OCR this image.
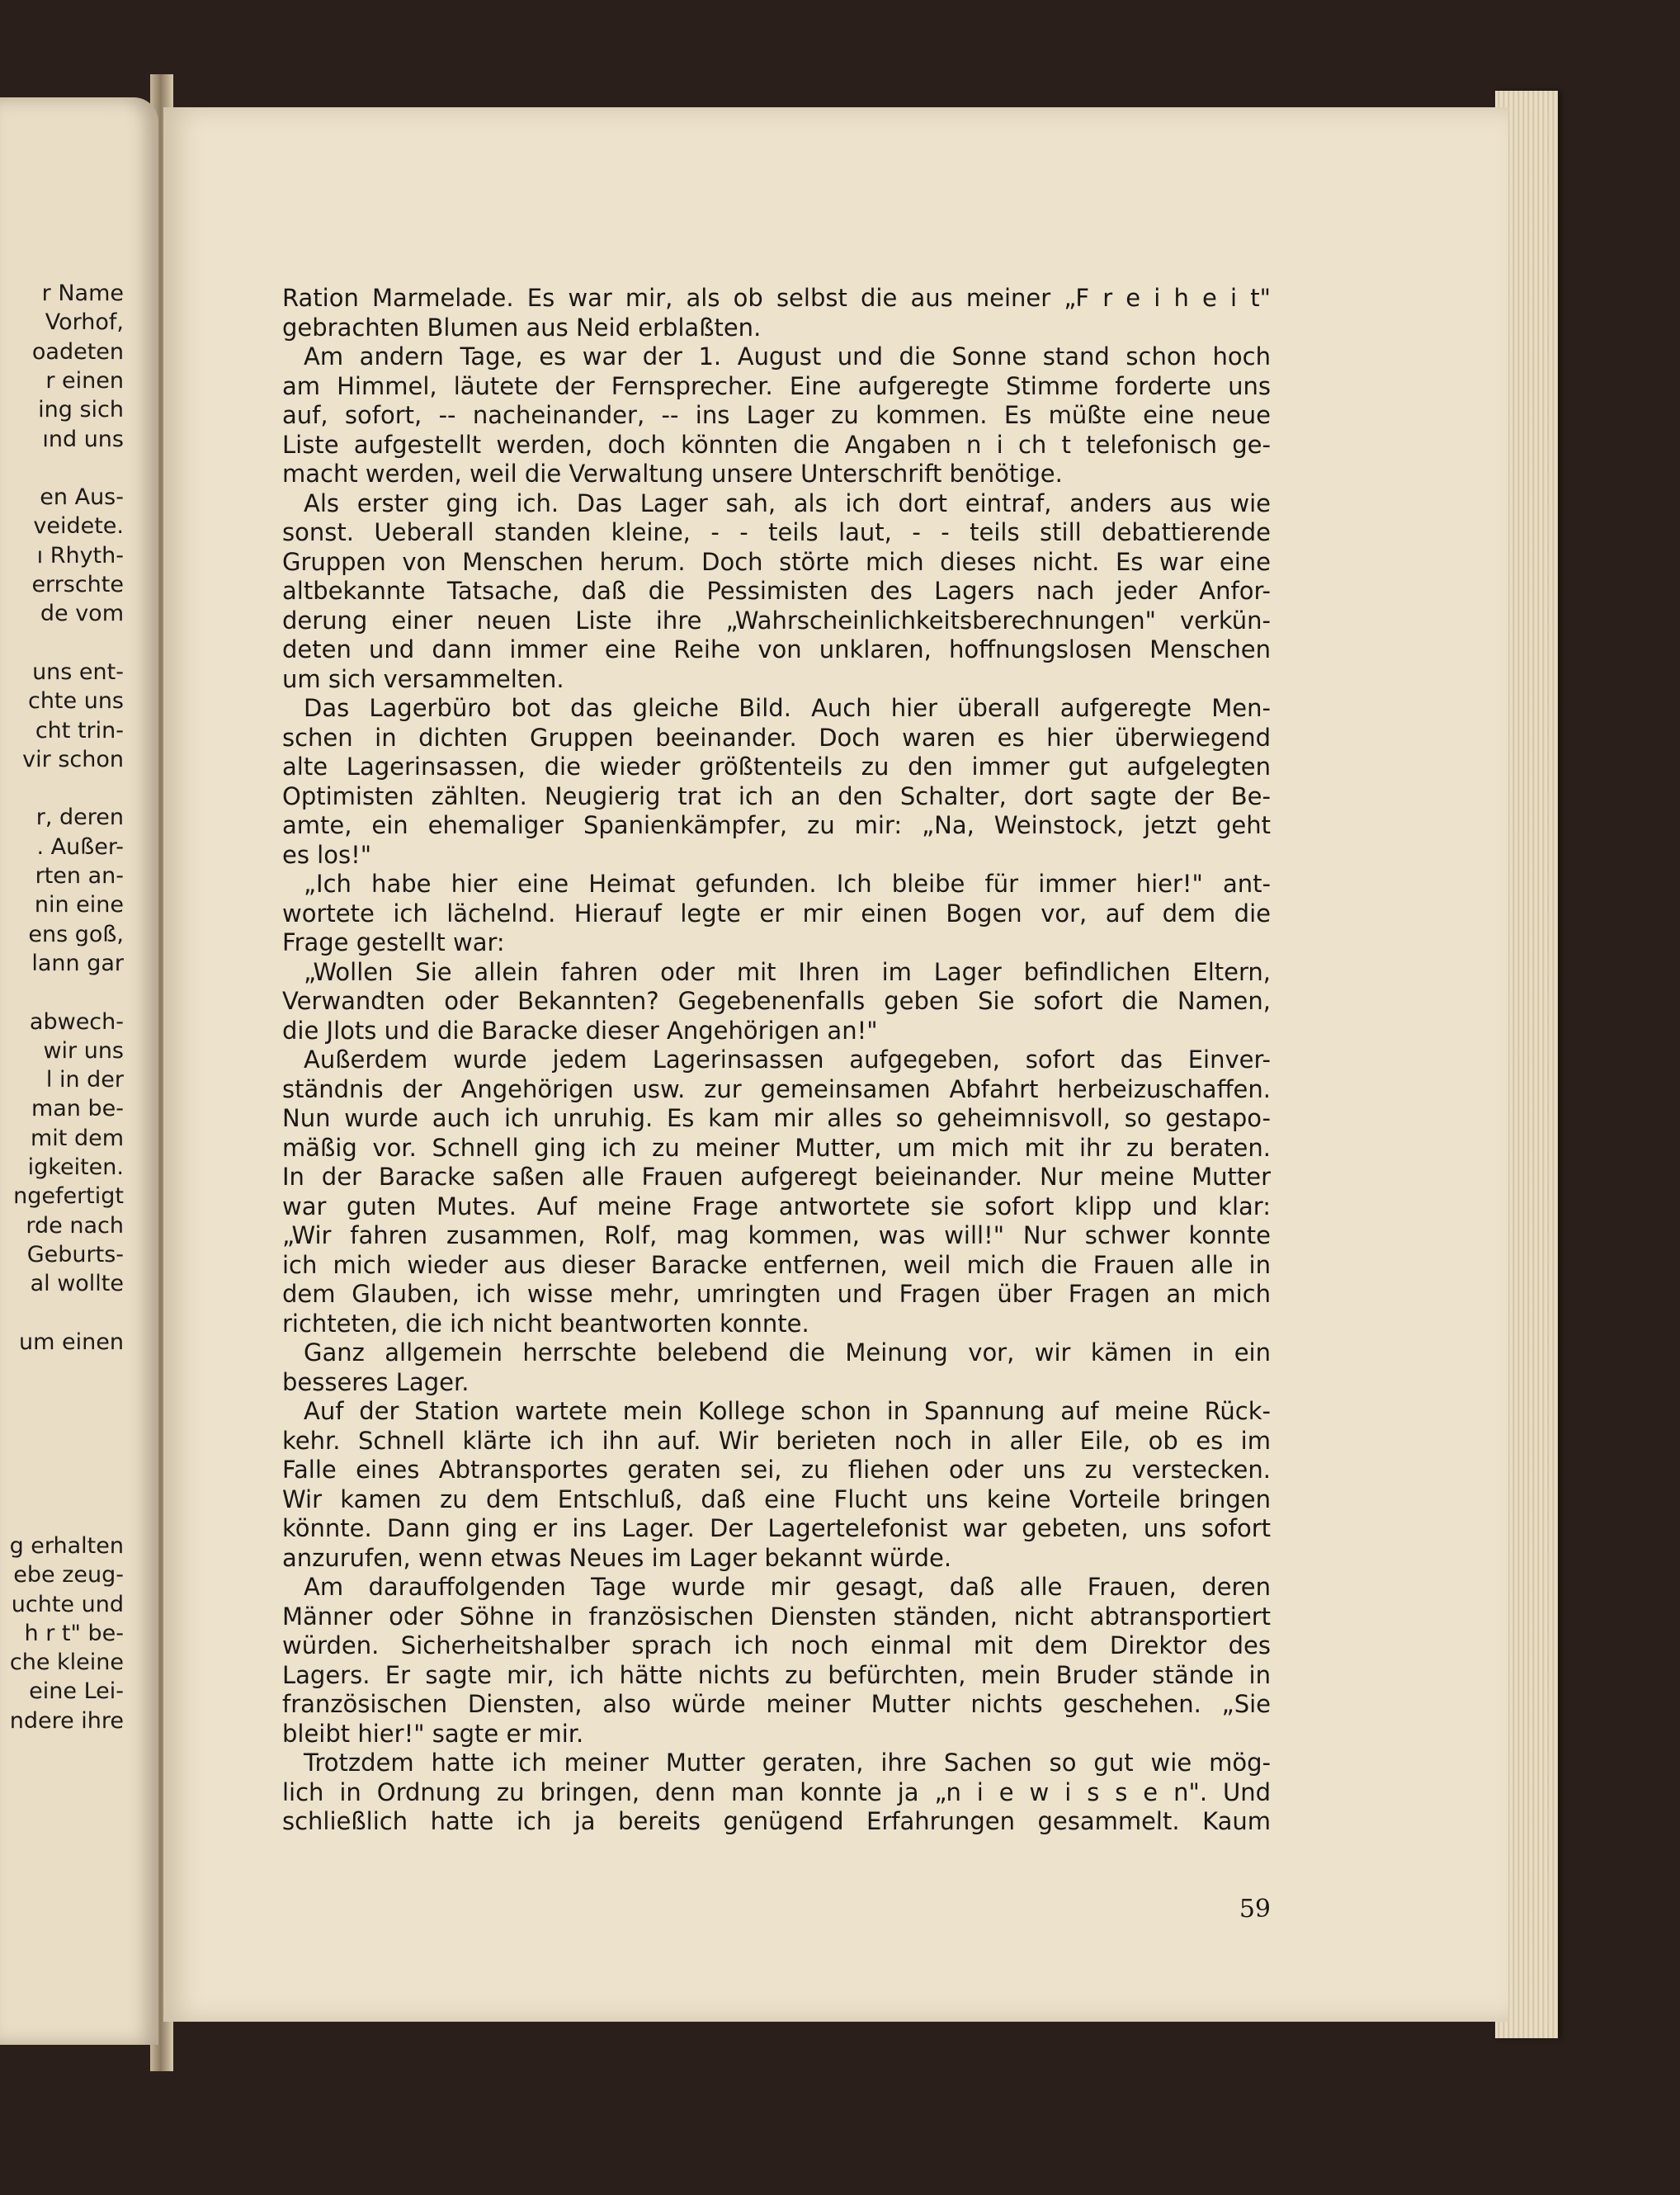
r Name
Vorhof,
oadeten
r einen
ing sich
ınd uns
en Aus-
veidete.
ı Rhyth-
errschte
de vom
uns ent-
chte uns
cht trin-
vir schon
r, deren
. Außer-
rten an-
nin eine
ens goß,
lann gar
abwech-
wir uns
l in der
man be-
mit dem
igkeiten.
ngefertigt
rde nach
Geburts-
al wollte
um einen
g erhalten
ebe zeug-
uchte und
h r t" be-
che kleine
eine Lei-
ndere ihre
Ration Marmelade. Es war mir, als ob selbst die aus meiner „F r e i h e i t"
gebrachten Blumen aus Neid erblaßten.
Am andern Tage, es war der 1. August und die Sonne stand schon hoch
am Himmel, läutete der Fernsprecher. Eine aufgeregte Stimme forderte uns
auf, sofort, -- nacheinander, -- ins Lager zu kommen. Es müßte eine neue
Liste aufgestellt werden, doch könnten die Angaben n i ch t telefonisch ge-
macht werden, weil die Verwaltung unsere Unterschrift benötige.
Als erster ging ich. Das Lager sah, als ich dort eintraf, anders aus wie
sonst. Ueberall standen kleine, - - teils laut, - - teils still debattierende
Gruppen von Menschen herum. Doch störte mich dieses nicht. Es war eine
altbekannte Tatsache, daß die Pessimisten des Lagers nach jeder Anfor-
derung einer neuen Liste ihre „Wahrscheinlichkeitsberechnungen" verkün-
deten und dann immer eine Reihe von unklaren, hoffnungslosen Menschen
um sich versammelten.
Das Lagerbüro bot das gleiche Bild. Auch hier überall aufgeregte Men-
schen in dichten Gruppen beeinander. Doch waren es hier überwiegend
alte Lagerinsassen, die wieder größtenteils zu den immer gut aufgelegten
Optimisten zählten. Neugierig trat ich an den Schalter, dort sagte der Be-
amte, ein ehemaliger Spanienkämpfer, zu mir: „Na, Weinstock, jetzt geht
es los!"
„Ich habe hier eine Heimat gefunden. Ich bleibe für immer hier!" ant-
wortete ich lächelnd. Hierauf legte er mir einen Bogen vor, auf dem die
Frage gestellt war:
„Wollen Sie allein fahren oder mit Ihren im Lager befindlichen Eltern,
Verwandten oder Bekannten? Gegebenenfalls geben Sie sofort die Namen,
die Jlots und die Baracke dieser Angehörigen an!"
Außerdem wurde jedem Lagerinsassen aufgegeben, sofort das Einver-
ständnis der Angehörigen usw. zur gemeinsamen Abfahrt herbeizuschaffen.
Nun wurde auch ich unruhig. Es kam mir alles so geheimnisvoll, so gestapo-
mäßig vor. Schnell ging ich zu meiner Mutter, um mich mit ihr zu beraten.
In der Baracke saßen alle Frauen aufgeregt beieinander. Nur meine Mutter
war guten Mutes. Auf meine Frage antwortete sie sofort klipp und klar:
„Wir fahren zusammen, Rolf, mag kommen, was will!" Nur schwer konnte
ich mich wieder aus dieser Baracke entfernen, weil mich die Frauen alle in
dem Glauben, ich wisse mehr, umringten und Fragen über Fragen an mich
richteten, die ich nicht beantworten konnte.
Ganz allgemein herrschte belebend die Meinung vor, wir kämen in ein
besseres Lager.
Auf der Station wartete mein Kollege schon in Spannung auf meine Rück-
kehr. Schnell klärte ich ihn auf. Wir berieten noch in aller Eile, ob es im
Falle eines Abtransportes geraten sei, zu fliehen oder uns zu verstecken.
Wir kamen zu dem Entschluß, daß eine Flucht uns keine Vorteile bringen
könnte. Dann ging er ins Lager. Der Lagertelefonist war gebeten, uns sofort
anzurufen, wenn etwas Neues im Lager bekannt würde.
Am darauffolgenden Tage wurde mir gesagt, daß alle Frauen, deren
Männer oder Söhne in französischen Diensten ständen, nicht abtransportiert
würden. Sicherheitshalber sprach ich noch einmal mit dem Direktor des
Lagers. Er sagte mir, ich hätte nichts zu befürchten, mein Bruder stände in
französischen Diensten, also würde meiner Mutter nichts geschehen. „Sie
bleibt hier!" sagte er mir.
Trotzdem hatte ich meiner Mutter geraten, ihre Sachen so gut wie mög-
lich in Ordnung zu bringen, denn man konnte ja „n i e w i s s e n". Und
schließlich hatte ich ja bereits genügend Erfahrungen gesammelt. Kaum
59
